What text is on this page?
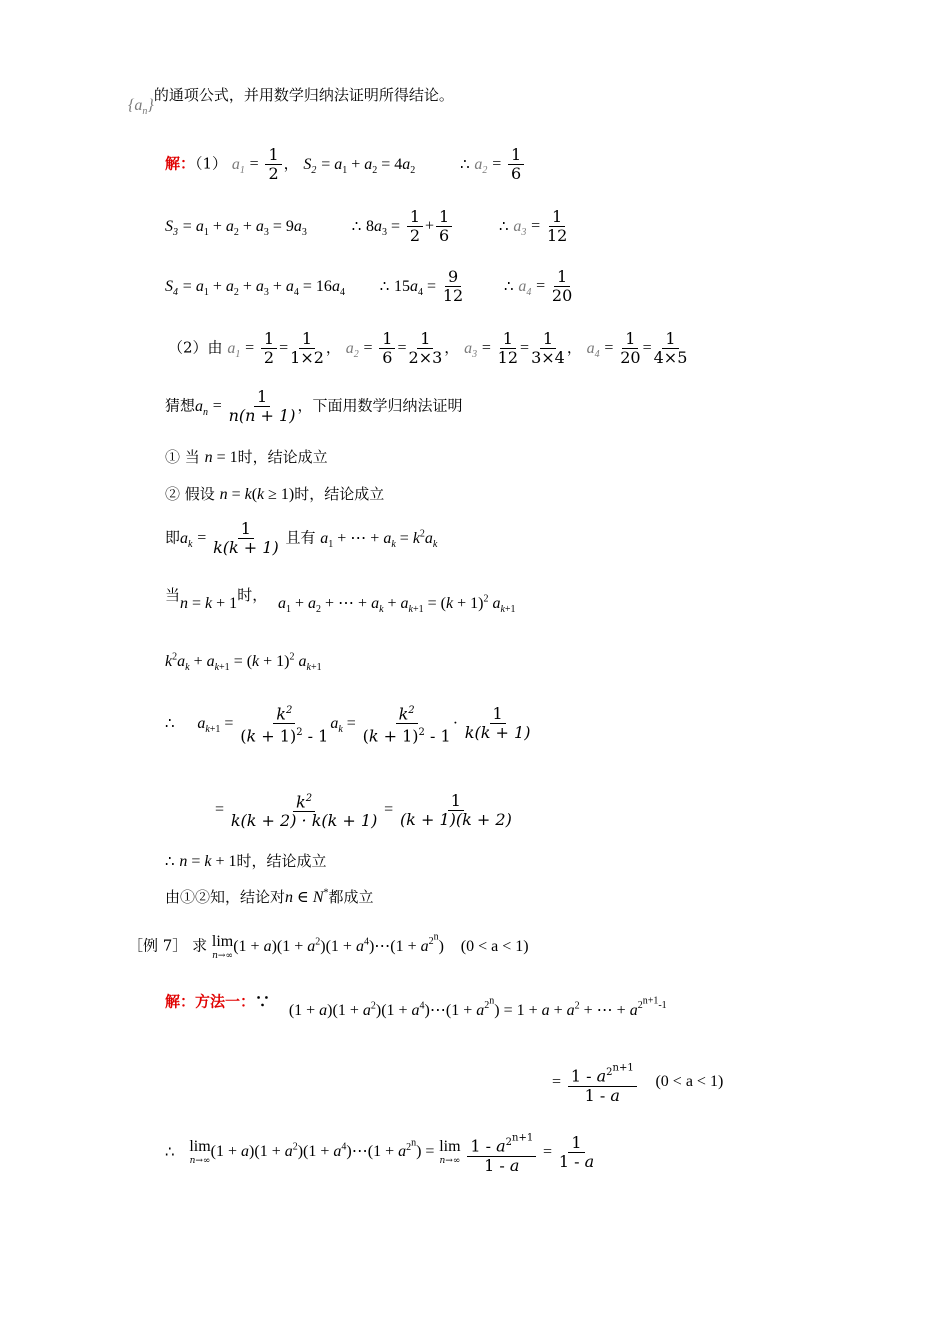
$\{a_n\}$的通项公式，并用数学归纳法证明所得结论。
解：（1） $a_1 = \frac{1}{2}$ ， $S_2 = a_1 + a_2 = 4a_2$	∴ $a_2 = \frac{1}{6}$
$S_3 = a_1 + a_2 + a_3 = 9a_3$	∴ $8a_3 = \frac{1}{2} + \frac{1}{6}$	∴ $a_3 = \frac{1}{12}$
$S_4 = a_1 + a_2 + a_3 + a_4 = 16a_4$ ∴ $15a_4 = \frac{9}{12}$	∴ $a_4 = \frac{1}{20}$
（2）由 $a_1 = \frac{1}{2} = \frac{1}{1\times 2}$ ， $a_2 = \frac{1}{6} = \frac{1}{2\times 3}$ ， $a_3 = \frac{1}{12} = \frac{1}{3\times 4}$ ， $a_4 = \frac{1}{20} = \frac{1}{4\times 5}$
猜想$a_n = \frac{1}{n(n + 1)}$ ，下面用数学归纳法证明
① 当 n = 1时，结论成立
② 假设 n = k(k ≥ 1)时，结论成立
即$a_k = \frac{1}{k(k + 1)}$ 且有 $a_1$ + ⋯ + $a_k = k^2a_k$
当n = k + 1时， $a_1 + a_2$ + ⋯ + $a_k + a_{k+1} = (k + 1)^2$ $a_{k+1}$
$k^2a_k + a_{k+1} = (k + 1)^2$ $a_{k+1}$
∴ $a_{k+1} = \frac{k^2}{(k + 1)^2 - 1} a_k = \frac{k^2}{(k + 1)^2 - 1} \cdot \frac{1}{k(k + 1)}$
= $\frac{k^2}{k(k + 2) \cdot k(k + 1)} = \frac{1}{(k + 1)(k + 2)}$
∴ n = k + 1时，结论成立
由①②知，结论对n ∈ N*都成立
［例 7］ 求 lim
n→∞
$(1 + a)(1 + a^2)(1$ + $a^4)\cdots(1 + a^{2^n})$ (0 < a < 1)
解：方法一：∵ $(1 + a)(1 + a^2)(1$ + $a^4)\cdots(1 + a^{2^n}) = 1 + a + a^2$ + ⋯ + $a^{2^{n+1}-1}$
= $\frac{1 - a^{2^{n+1}}}{1 - a} (0 < a < 1)$
∴ lim
n→∞
$(1 + a)(1 + a^2)(1$ + $a^4)\cdots(1 + a^{2^n}) = \lim$
n→∞
$\frac{1 - a^{2^{n+1}}}{1 - a} = \frac{1}{1 - a}$
